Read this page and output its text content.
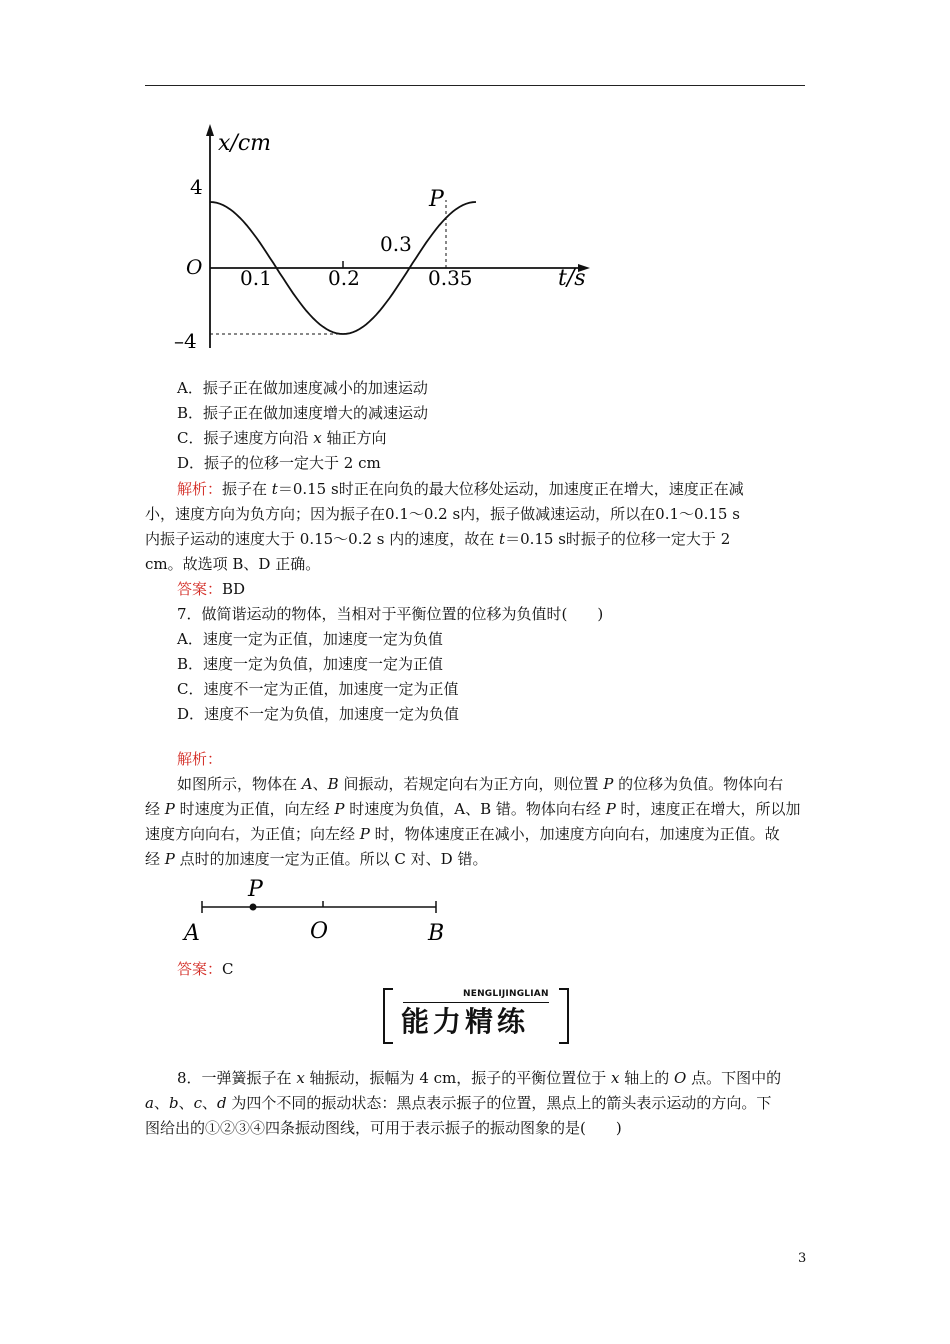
x/cm
4
O
–4
0.1	0.2
0.3
0.35	t/s
P
A．振子正在做加速度减小的加速运动
B．振子正在做加速度增大的减速运动
C．振子速度方向沿 x 轴正方向
D．振子的位移一定大于 2 cm
解析：振子在 t＝0.15 s时正在向负的最大位移处运动，加速度正在增大，速度正在减
小，速度方向为负方向；因为振子在0.1～0.2 s内，振子做减速运动，所以在0.1～0.15 s
内振子运动的速度大于 0.15～0.2 s 内的速度，故在 t＝0.15 s时振子的位移一定大于 2
cm。故选项 B、D 正确。
答案：BD
7．做简谐运动的物体，当相对于平衡位置的位移为负值时(　　)
A．速度一定为正值，加速度一定为负值
B．速度一定为负值，加速度一定为正值
C．速度不一定为正值，加速度一定为正值
D．速度不一定为负值，加速度一定为负值
解析：
如图所示，物体在 A、B 间振动，若规定向右为正方向，则位置 P 的位移为负值。物体向右
经 P 时速度为正值，向左经 P 时速度为负值，A、B 错。物体向右经 P 时，速度正在增大，所以加
速度方向向右，为正值；向左经 P 时，物体速度正在减小，加速度方向向右，加速度为正值。故
经 P 点时的加速度一定为正值。所以 C 对、D 错。
P
A	O	B
答案：C
NENGLIJINGLIAN
能力精练
8．一弹簧振子在 x 轴振动，振幅为 4 cm，振子的平衡位置位于 x 轴上的 O 点。下图中的
a、b、c、d 为四个不同的振动状态：黑点表示振子的位置，黑点上的箭头表示运动的方向。下
图给出的①②③④四条振动图线，可用于表示振子的振动图象的是(　　)
3
